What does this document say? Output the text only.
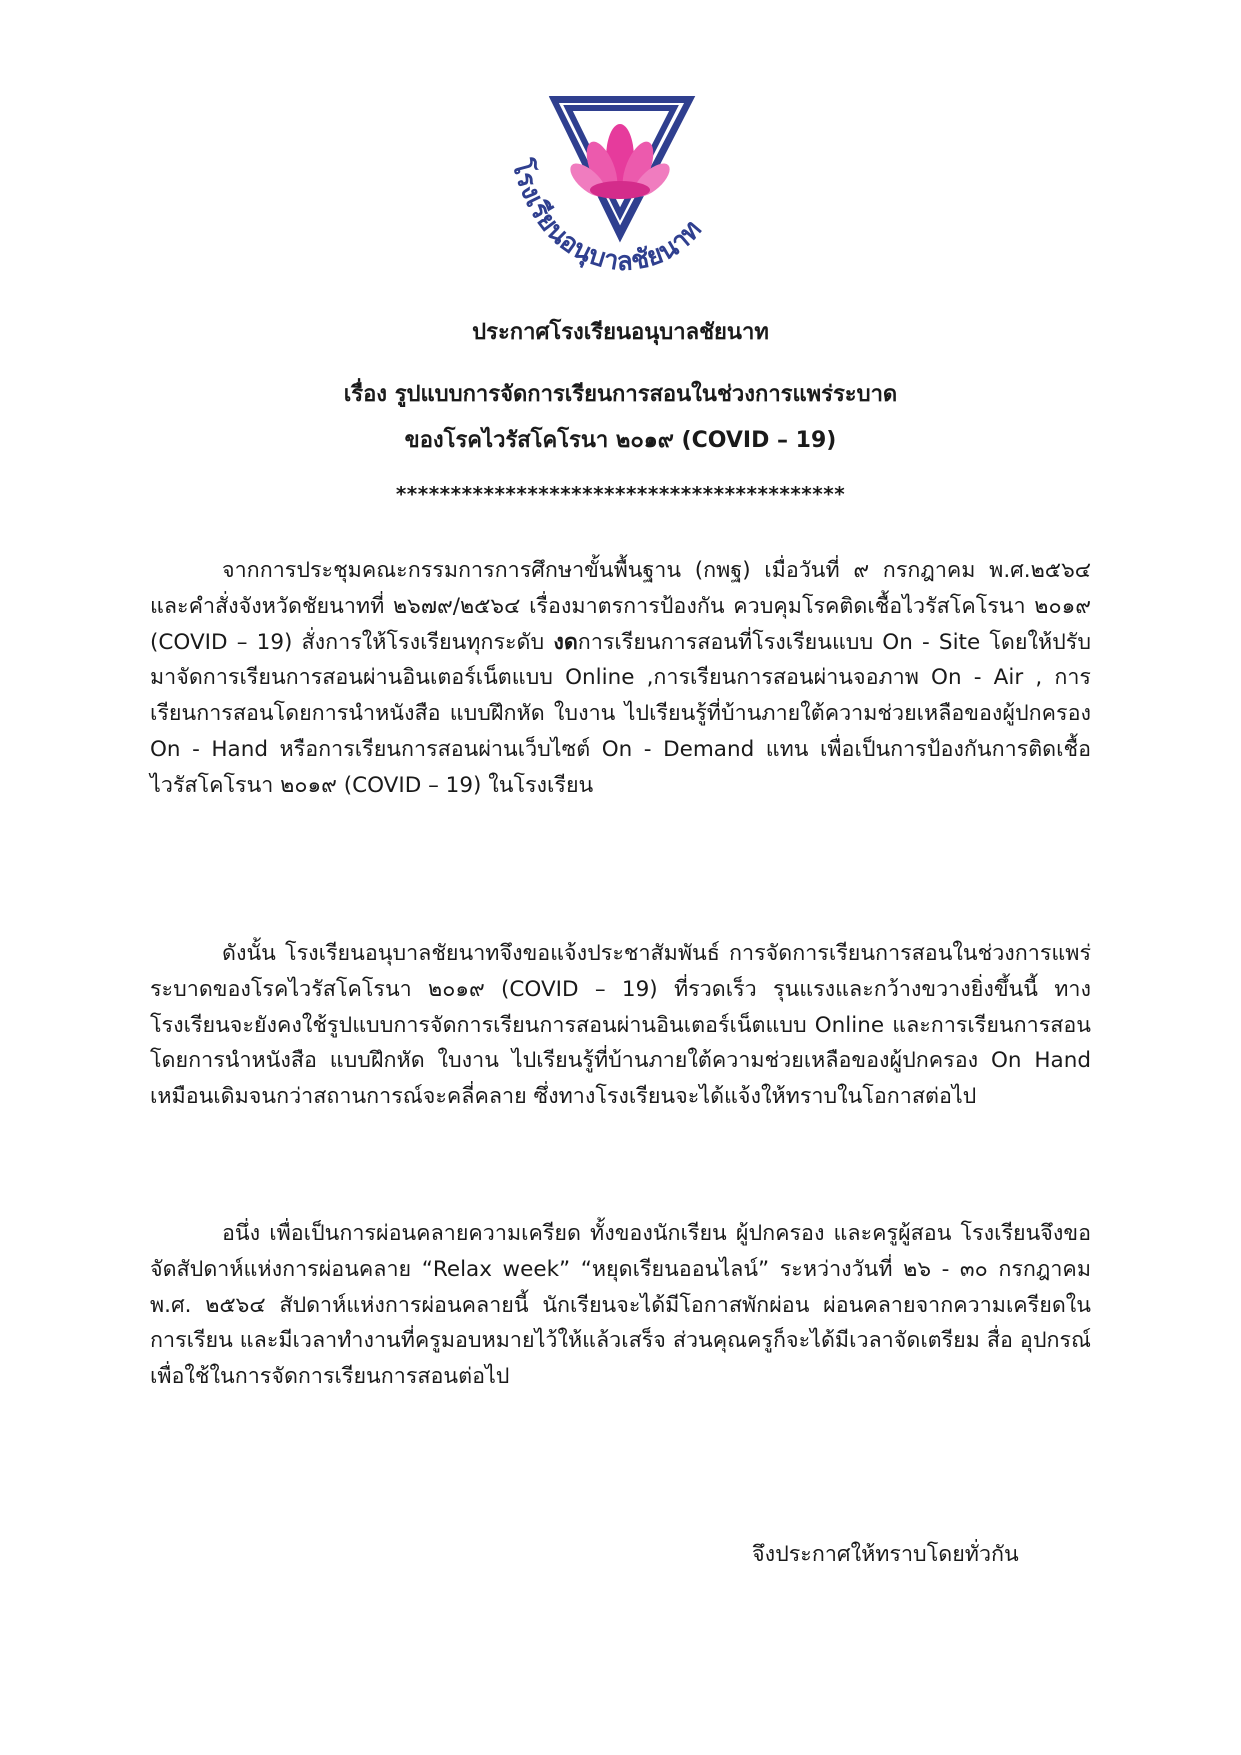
โรงเรียนอนุบาลชัยนาท
ประกาศโรงเรียนอนุบาลชัยนาท
เรื่อง รูปแบบการจัดการเรียนการสอนในช่วงการแพร่ระบาด
ของโรคไวรัสโคโรนา ๒๐๑๙ (COVID – 19)
*****************************************

จากการประชุมคณะกรรมการการศึกษาขั้นพื้นฐาน (กพฐ) เมื่อวันที่ ๙ กรกฎาคม พ.ศ.๒๕๖๔ และคำสั่งจังหวัดชัยนาทที่ ๒๖๗๙/๒๕๖๔ เรื่องมาตรการป้องกัน ควบคุมโรคติดเชื้อไวรัสโคโรนา ๒๐๑๙ (COVID – 19) สั่งการให้โรงเรียนทุกระดับ งดการเรียนการสอนที่โรงเรียนแบบ On - Site โดยให้ปรับมาจัดการเรียนการสอนผ่านอินเตอร์เน็ตแบบ Online ,การเรียนการสอนผ่านจอภาพ On - Air , การเรียนการสอนโดยการนำหนังสือ แบบฝึกหัด ใบงาน ไปเรียนรู้ที่บ้านภายใต้ความช่วยเหลือของผู้ปกครอง On - Hand หรือการเรียนการสอนผ่านเว็บไซต์ On - Demand แทน เพื่อเป็นการป้องกันการติดเชื้อไวรัสโคโรนา ๒๐๑๙ (COVID – 19) ในโรงเรียน

ดังนั้น โรงเรียนอนุบาลชัยนาทจึงขอแจ้งประชาสัมพันธ์ การจัดการเรียนการสอนในช่วงการแพร่ระบาดของโรคไวรัสโคโรนา ๒๐๑๙ (COVID – 19) ที่รวดเร็ว รุนแรงและกว้างขวางยิ่งขึ้นนี้ ทางโรงเรียนจะยังคงใช้รูปแบบการจัดการเรียนการสอนผ่านอินเตอร์เน็ตแบบ Online และการเรียนการสอนโดยการนำหนังสือ แบบฝึกหัด ใบงาน ไปเรียนรู้ที่บ้านภายใต้ความช่วยเหลือของผู้ปกครอง On Hand เหมือนเดิมจนกว่าสถานการณ์จะคลี่คลาย ซึ่งทางโรงเรียนจะได้แจ้งให้ทราบในโอกาสต่อไป

อนึ่ง เพื่อเป็นการผ่อนคลายความเครียด ทั้งของนักเรียน ผู้ปกครอง และครูผู้สอน โรงเรียนจึงขอจัดสัปดาห์แห่งการผ่อนคลาย “Relax week” “หยุดเรียนออนไลน์” ระหว่างวันที่ ๒๖ - ๓๐ กรกฎาคม พ.ศ. ๒๕๖๔ สัปดาห์แห่งการผ่อนคลายนี้ นักเรียนจะได้มีโอกาสพักผ่อน ผ่อนคลายจากความเครียดในการเรียน และมีเวลาทำงานที่ครูมอบหมายไว้ให้แล้วเสร็จ ส่วนคุณครูก็จะได้มีเวลาจัดเตรียม สื่อ อุปกรณ์ เพื่อใช้ในการจัดการเรียนการสอนต่อไป

จึงประกาศให้ทราบโดยทั่วกัน
